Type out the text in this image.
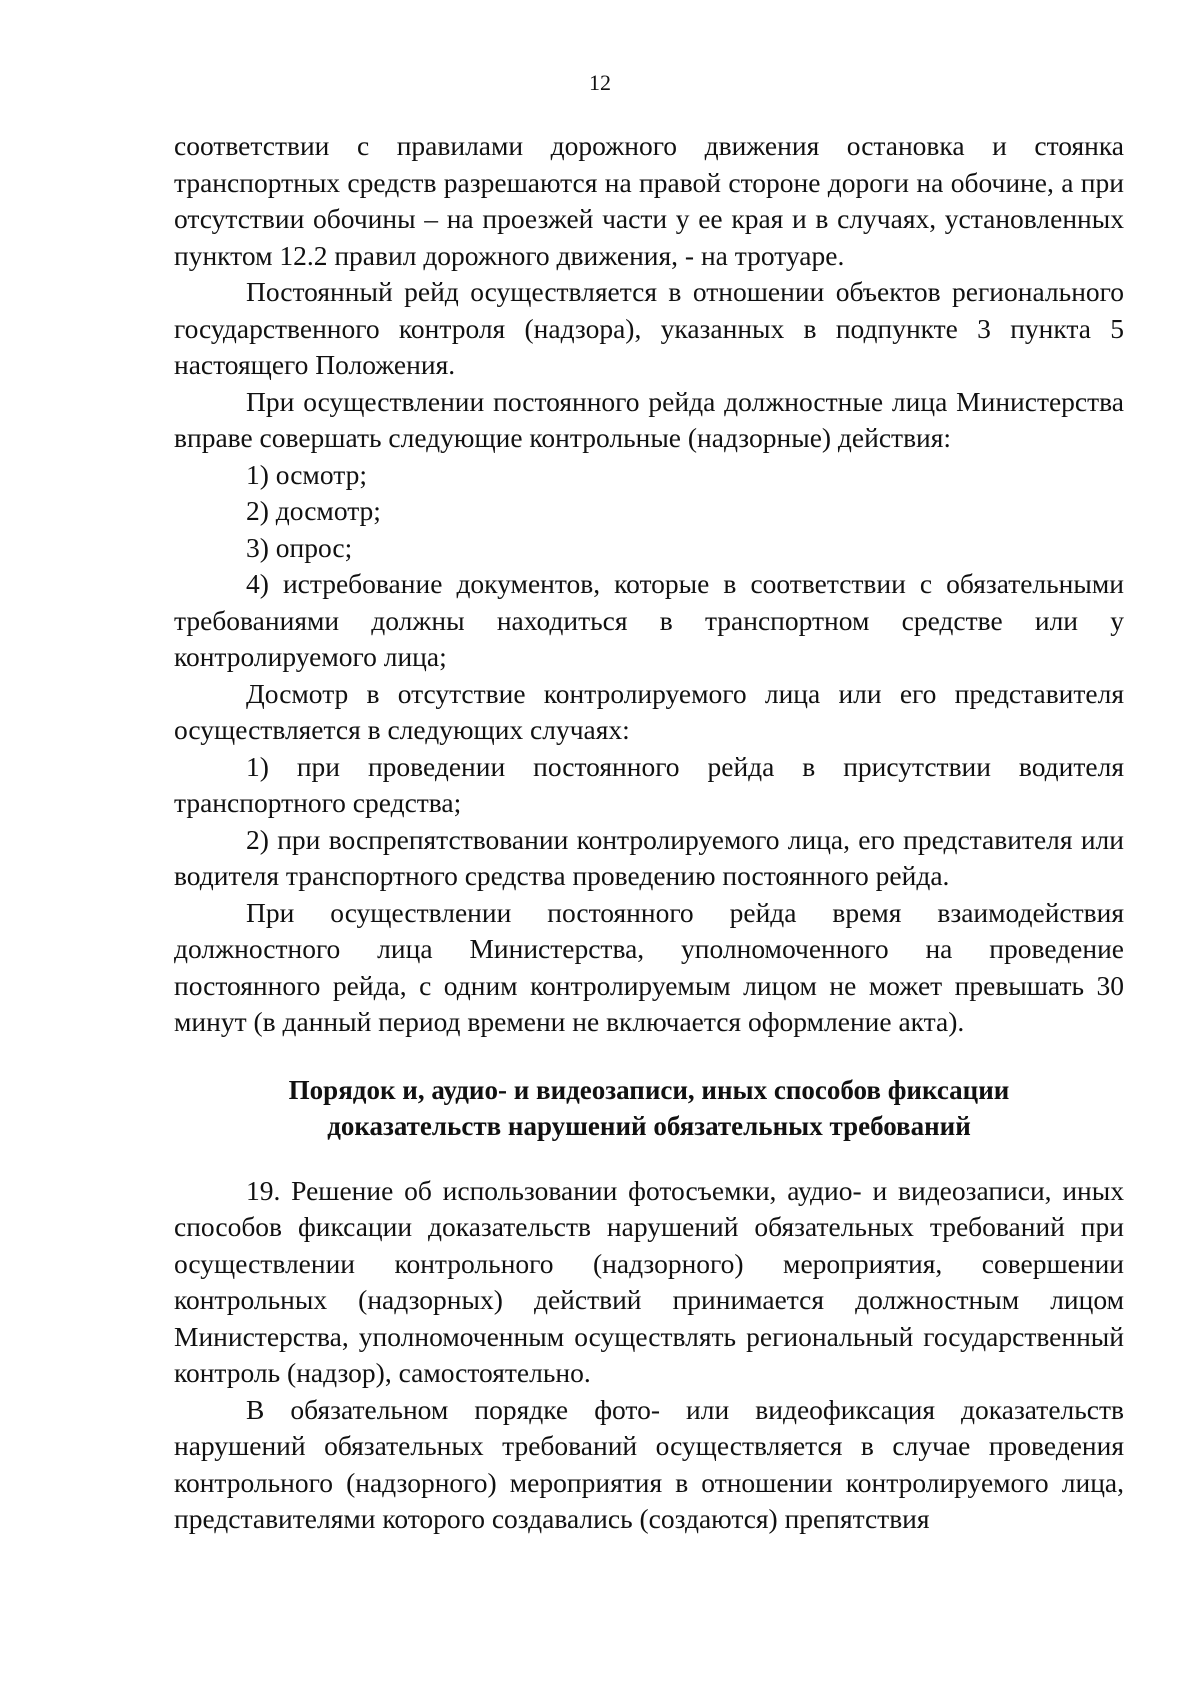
12

соответствии с правилами дорожного движения остановка и стоянка транспортных средств разрешаются на правой стороне дороги на обочине, а при отсутствии обочины – на проезжей части у ее края и в случаях, установленных пунктом 12.2 правил дорожного движения, - на тротуаре.

Постоянный рейд осуществляется в отношении объектов регионального государственного контроля (надзора), указанных в подпункте 3 пункта 5 настоящего Положения.

При осуществлении постоянного рейда должностные лица Министерства вправе совершать следующие контрольные (надзорные) действия:

1) осмотр;

2) досмотр;

3) опрос;

4) истребование документов, которые в соответствии с обязательными требованиями должны находиться в транспортном средстве или у контролируемого лица;

Досмотр в отсутствие контролируемого лица или его представителя осуществляется в следующих случаях:

1) при проведении постоянного рейда в присутствии водителя транспортного средства;

2) при воспрепятствовании контролируемого лица, его представителя или водителя транспортного средства проведению постоянного рейда.

При осуществлении постоянного рейда время взаимодействия должностного лица Министерства, уполномоченного на проведение постоянного рейда, с одним контролируемым лицом не может превышать 30 минут (в данный период времени не включается оформление акта).

Порядок и, аудио- и видеозаписи, иных способов фиксации
доказательств нарушений обязательных требований

19. Решение об использовании фотосъемки, аудио- и видеозаписи, иных способов фиксации доказательств нарушений обязательных требований при осуществлении контрольного (надзорного) мероприятия, совершении контрольных (надзорных) действий принимается должностным лицом Министерства, уполномоченным осуществлять региональный государственный контроль (надзор), самостоятельно.

В обязательном порядке фото- или видеофиксация доказательств нарушений обязательных требований осуществляется в случае проведения контрольного (надзорного) мероприятия в отношении контролируемого лица, представителями которого создавались (создаются) препятствия
